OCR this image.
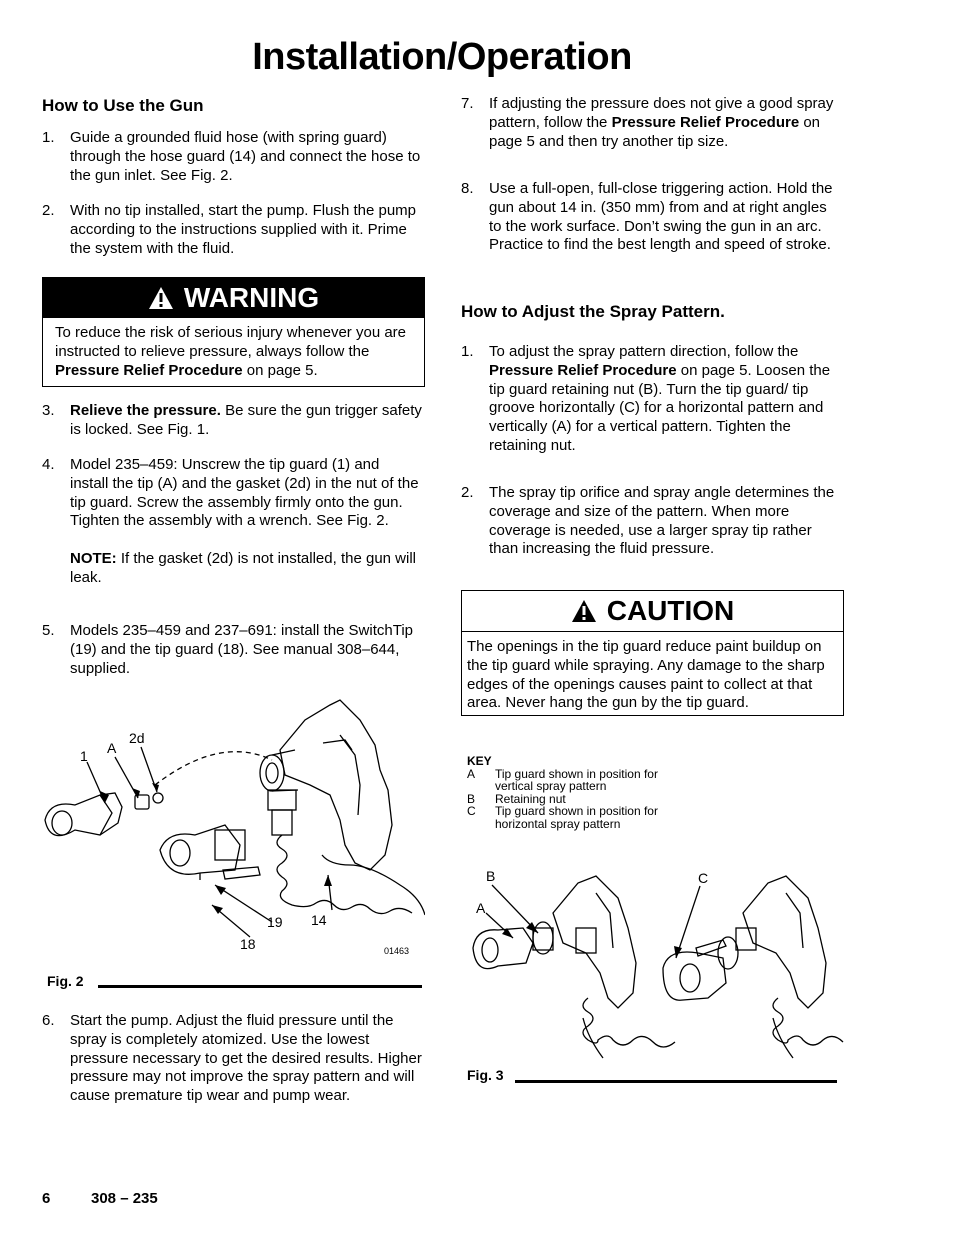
Installation/Operation
How to Use the Gun
1. Guide a grounded fluid hose (with spring guard) through the hose guard (14) and connect the hose to the gun inlet. See Fig. 2.
2. With no tip installed, start the pump. Flush the pump according to the instructions supplied with it. Prime the system with the fluid.
WARNING
To reduce the risk of serious injury whenever you are instructed to relieve pressure, always follow the Pressure Relief Procedure on page 5.
3. Relieve the pressure. Be sure the gun trigger safety is locked. See Fig. 1.
4. Model 235–459: Unscrew the tip guard (1) and install the tip (A) and the gasket (2d) in the nut of the tip guard. Screw the assembly firmly onto the gun. Tighten the assembly with a wrench. See Fig. 2.
NOTE: If the gasket (2d) is not installed, the gun will leak.
5. Models 235–459 and 237–691: install the SwitchTip (19) and the tip guard (18). See manual 308–644, supplied.
1 A
2d
19 14
18	01463
Fig. 2
6. Start the pump. Adjust the fluid pressure until the spray is completely atomized. Use the lowest pressure necessary to get the desired results. Higher pressure may not improve the spray pattern and will cause premature tip wear and pump wear.
7. If adjusting the pressure does not give a good spray pattern, follow the Pressure Relief Procedure on page 5 and then try another tip size.
8. Use a full-open, full-close triggering action. Hold the gun about 14 in. (350 mm) from and at right angles to the work surface. Don’t swing the gun in an arc. Practice to find the best length and speed of stroke.
How to Adjust the Spray Pattern.
1. To adjust the spray pattern direction, follow the Pressure Relief Procedure on page 5. Loosen the tip guard retaining nut (B). Turn the tip guard/ tip groove horizontally (C) for a horizontal pattern and vertically (A) for a vertical pattern. Tighten the retaining nut.
2. The spray tip orifice and spray angle determines the coverage and size of the pattern. When more coverage is needed, use a larger spray tip rather than increasing the fluid pressure.
CAUTION
The openings in the tip guard reduce paint buildup on the tip guard while spraying. Any damage to the sharp edges of the openings causes paint to collect at that area. Never hang the gun by the tip guard.
KEY
A Tip guard shown in position for vertical spray pattern
B Retaining nut
C Tip guard shown in position for horizontal spray pattern
B
A
C
Fig. 3
6	308 – 235
